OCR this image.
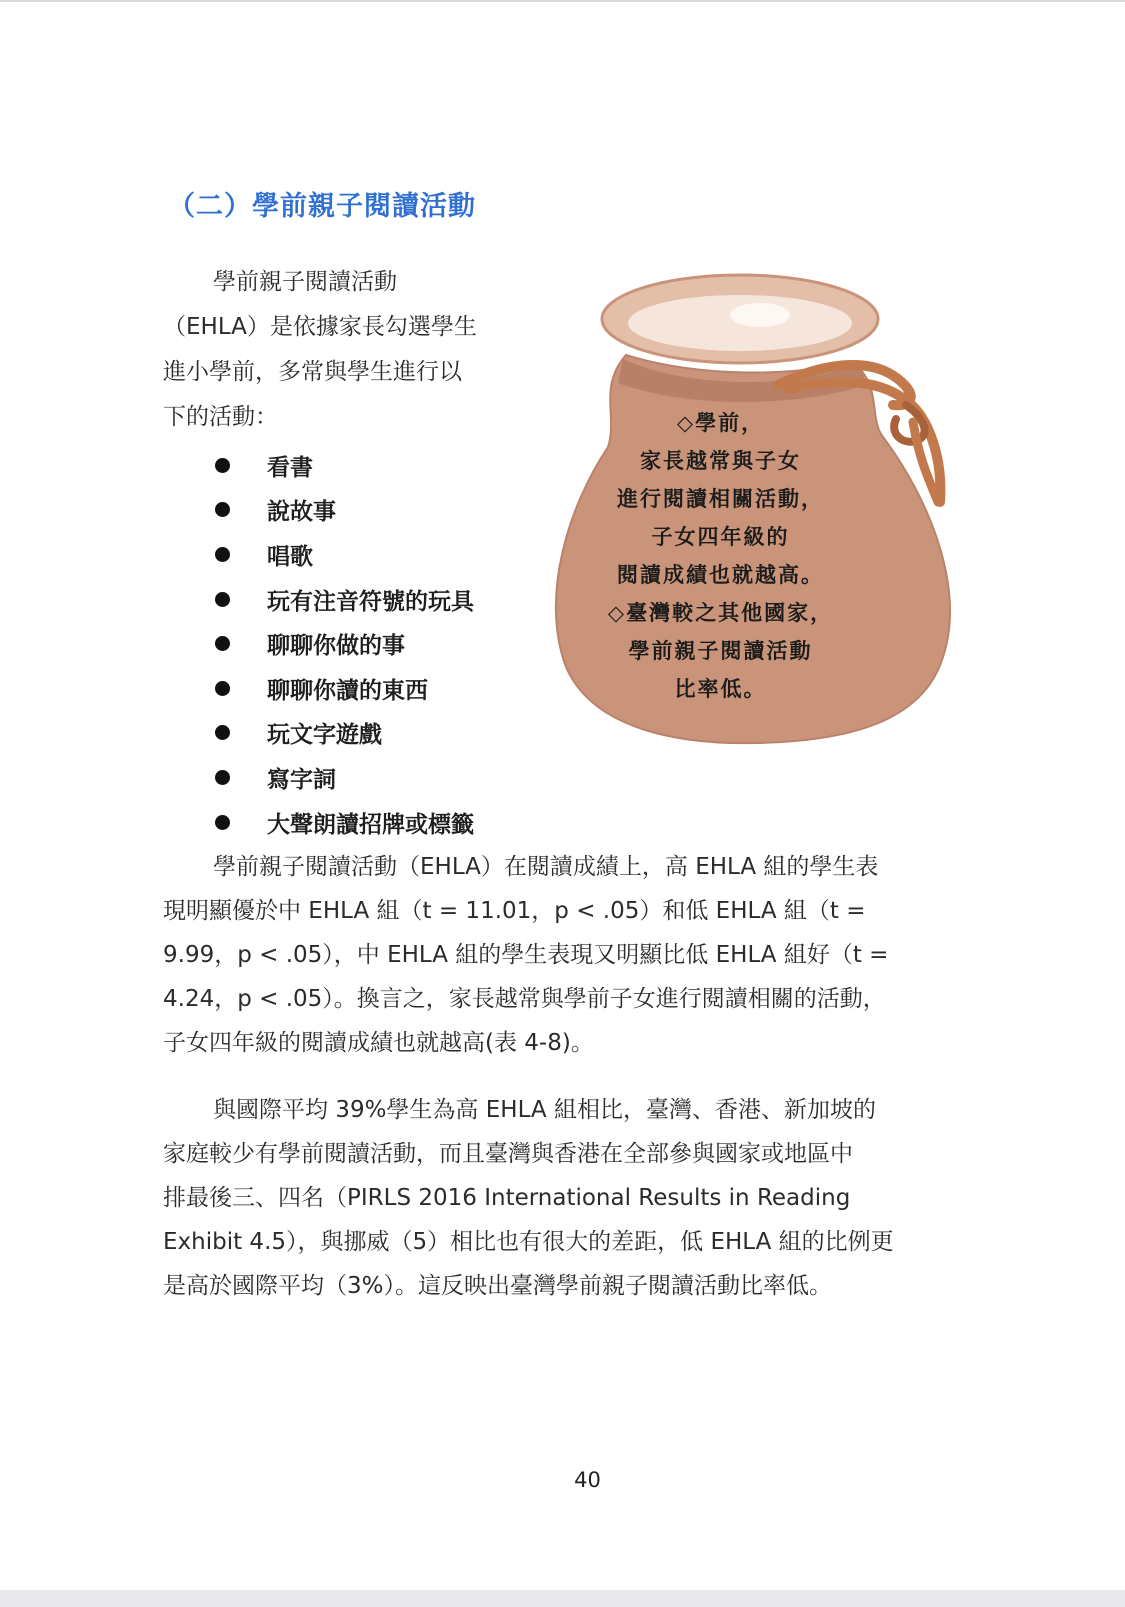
（二）學前親子閱讀活動
學前親子閱讀活動
（EHLA）是依據家長勾選學生
進小學前，多常與學生進行以
下的活動：
看書
說故事
唱歌
玩有注音符號的玩具
聊聊你做的事
聊聊你讀的東西
玩文字遊戲
寫字詞
大聲朗讀招牌或標籤
◇學前，
家長越常與子女
進行閱讀相關活動，
子女四年級的
閱讀成績也就越高。
◇臺灣較之其他國家，
學前親子閱讀活動
比率低。
學前親子閱讀活動（EHLA）在閱讀成績上，高 EHLA 組的學生表
現明顯優於中 EHLA 組（t = 11.01，p < .05）和低 EHLA 組（t =
9.99，p < .05），中 EHLA 組的學生表現又明顯比低 EHLA 組好（t =
4.24，p < .05）。換言之，家長越常與學前子女進行閱讀相關的活動，
子女四年級的閱讀成績也就越高(表 4-8)。
與國際平均 39%學生為高 EHLA 組相比，臺灣、香港、新加坡的
家庭較少有學前閱讀活動，而且臺灣與香港在全部參與國家或地區中
排最後三、四名（PIRLS 2016 International Results in Reading
Exhibit 4.5），與挪威（5）相比也有很大的差距，低 EHLA 組的比例更
是高於國際平均（3%）。這反映出臺灣學前親子閱讀活動比率低。
40
